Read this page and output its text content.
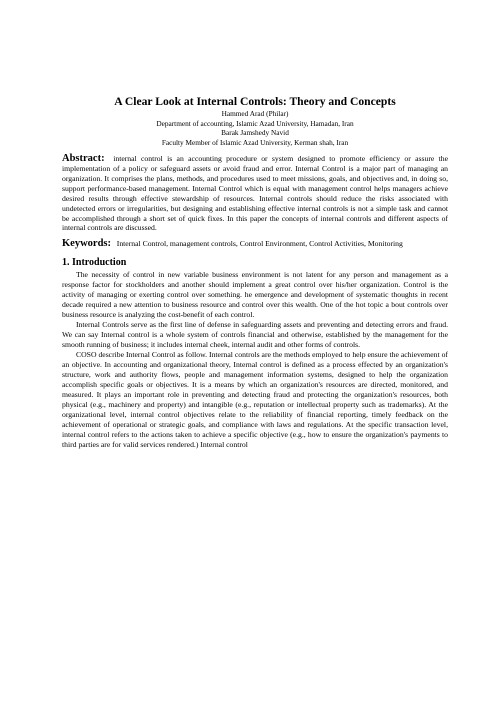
A Clear Look at Internal Controls: Theory and Concepts
Hammed Arad (Philar)
Department of accounting, Islamic Azad University, Hamadan, Iran
Barak Jamshedy Navid
Faculty Member of Islamic Azad University, Kerman shah, Iran

Abstract: internal control is an accounting procedure or system designed to promote efficiency or assure the implementation of a policy or safeguard assets or avoid fraud and error. Internal Control is a major part of managing an organization. It comprises the plans, methods, and procedures used to meet missions, goals, and objectives and, in doing so, support performance-based management. Internal Control which is equal with management control helps managers achieve desired results through effective stewardship of resources. Internal controls should reduce the risks associated with undetected errors or irregularities, but designing and establishing effective internal controls is not a simple task and cannot be accomplished through a short set of quick fixes. In this paper the concepts of internal controls and different aspects of internal controls are discussed.

Keywords: Internal Control, management controls, Control Environment, Control Activities, Monitoring

1. Introduction

The necessity of control in new variable business environment is not latent for any person and management as a response factor for stockholders and another should implement a great control over his/her organization. Control is the activity of managing or exerting control over something. he emergence and development of systematic thoughts in recent decade required a new attention to business resource and control over this wealth. One of the hot topic a bout controls over business resource is analyzing the cost-benefit of each control.

Internal Controls serve as the first line of defense in safeguarding assets and preventing and detecting errors and fraud. We can say Internal control is a whole system of controls financial and otherwise, established by the management for the smooth running of business; it includes internal cheek, internal audit and other forms of controls.

COSO describe Internal Control as follow. Internal controls are the methods employed to help ensure the achievement of an objective. In accounting and organizational theory, Internal control is defined as a process effected by an organization's structure, work and authority flows, people and management information systems, designed to help the organization accomplish specific goals or objectives. It is a means by which an organization's resources are directed, monitored, and measured. It plays an important role in preventing and detecting fraud and protecting the organization's resources, both physical (e.g., machinery and property) and intangible (e.g., reputation or intellectual property such as trademarks). At the organizational level, internal control objectives relate to the reliability of financial reporting, timely feedback on the achievement of operational or strategic goals, and compliance with laws and regulations. At the specific transaction level, internal control refers to the actions taken to achieve a specific objective (e.g., how to ensure the organization's payments to third parties are for valid services rendered.) Internal control
